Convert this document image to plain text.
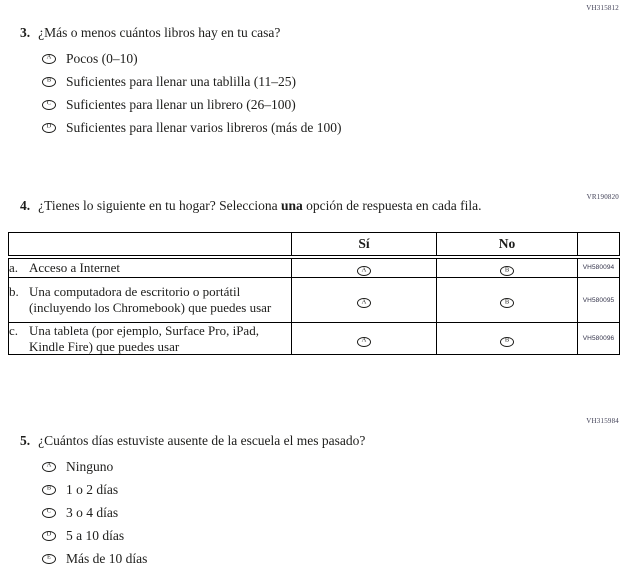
VH315812
3. ¿Más o menos cuántos libros hay en tu casa?
A Pocos (0–10)
B Suficientes para llenar una tablilla (11–25)
C Suficientes para llenar un librero (26–100)
D Suficientes para llenar varios libreros (más de 100)
VR190820
4. ¿Tienes lo siguiente en tu hogar? Selecciona una opción de respuesta en cada fila.
	Sí	No	

a. Acceso a Internet	A	B	VH580094

b. Una computadora de escritorio o portátil (incluyendo los Chromebook) que puedes usar	A	B	VH580095

c. Una tableta (por ejemplo, Surface Pro, iPad, Kindle Fire) que puedes usar	A	B	VH580096
VH315984
5. ¿Cuántos días estuviste ausente de la escuela el mes pasado?
A Ninguno
B 1 o 2 días
C 3 o 4 días
D 5 a 10 días
E Más de 10 días
